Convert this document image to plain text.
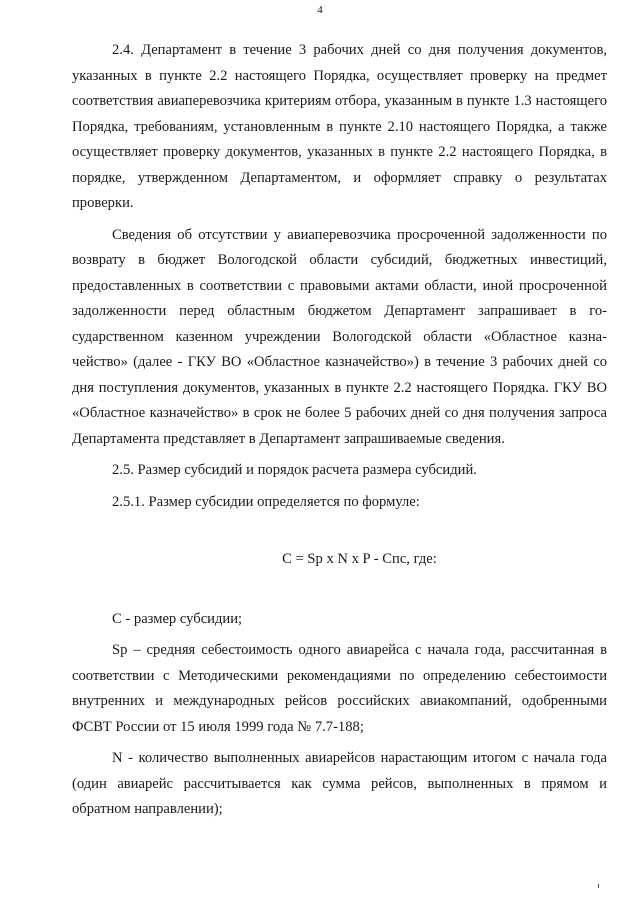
4

2.4. Департамент в течение 3 рабочих дней со дня получения документов, указанных в пункте 2.2 настоящего Порядка, осуществляет проверку на предмет соответствия авиаперевозчика критериям отбора, указанным в пункте 1.3 настоящего Порядка, требованиям, установленным в пункте 2.10 настоящего Порядка, а также осуществляет проверку документов, указанных в пункте 2.2 настоящего Порядка, в порядке, утвержденном Департаментом, и оформляет справку о результатах проверки.

Сведения об отсутствии у авиаперевозчика просроченной задолженности по возврату в бюджет Вологодской области субсидий, бюджетных инвестиций, предоставленных в соответствии с правовыми актами области, иной просроченной задолженности перед областным бюджетом Департамент запрашивает в государственном казенном учреждении Вологодской области «Областное казначейство» (далее - ГКУ ВО «Областное казначейство») в течение 3 рабочих дней со дня поступления документов, указанных в пункте 2.2 настоящего Порядка. ГКУ ВО «Областное казначейство» в срок не более 5 рабочих дней со дня получения запроса Департамента представляет в Департамент запрашиваемые сведения.

2.5. Размер субсидий и порядок расчета размера субсидий.

2.5.1. Размер субсидии определяется по формуле:

С = Sp x N x P - Cпс, где:

С - размер субсидии;

Sp – средняя себестоимость одного авиарейса с начала года, рассчитанная в соответствии с Методическими рекомендациями по определению себестоимости внутренних и международных рейсов российских авиакомпаний, одобренными ФСВТ России от 15 июля 1999 года № 7.7-188;

N - количество выполненных авиарейсов нарастающим итогом с начала года (один авиарейс рассчитывается как сумма рейсов, выполненных в прямом и обратном направлении);
